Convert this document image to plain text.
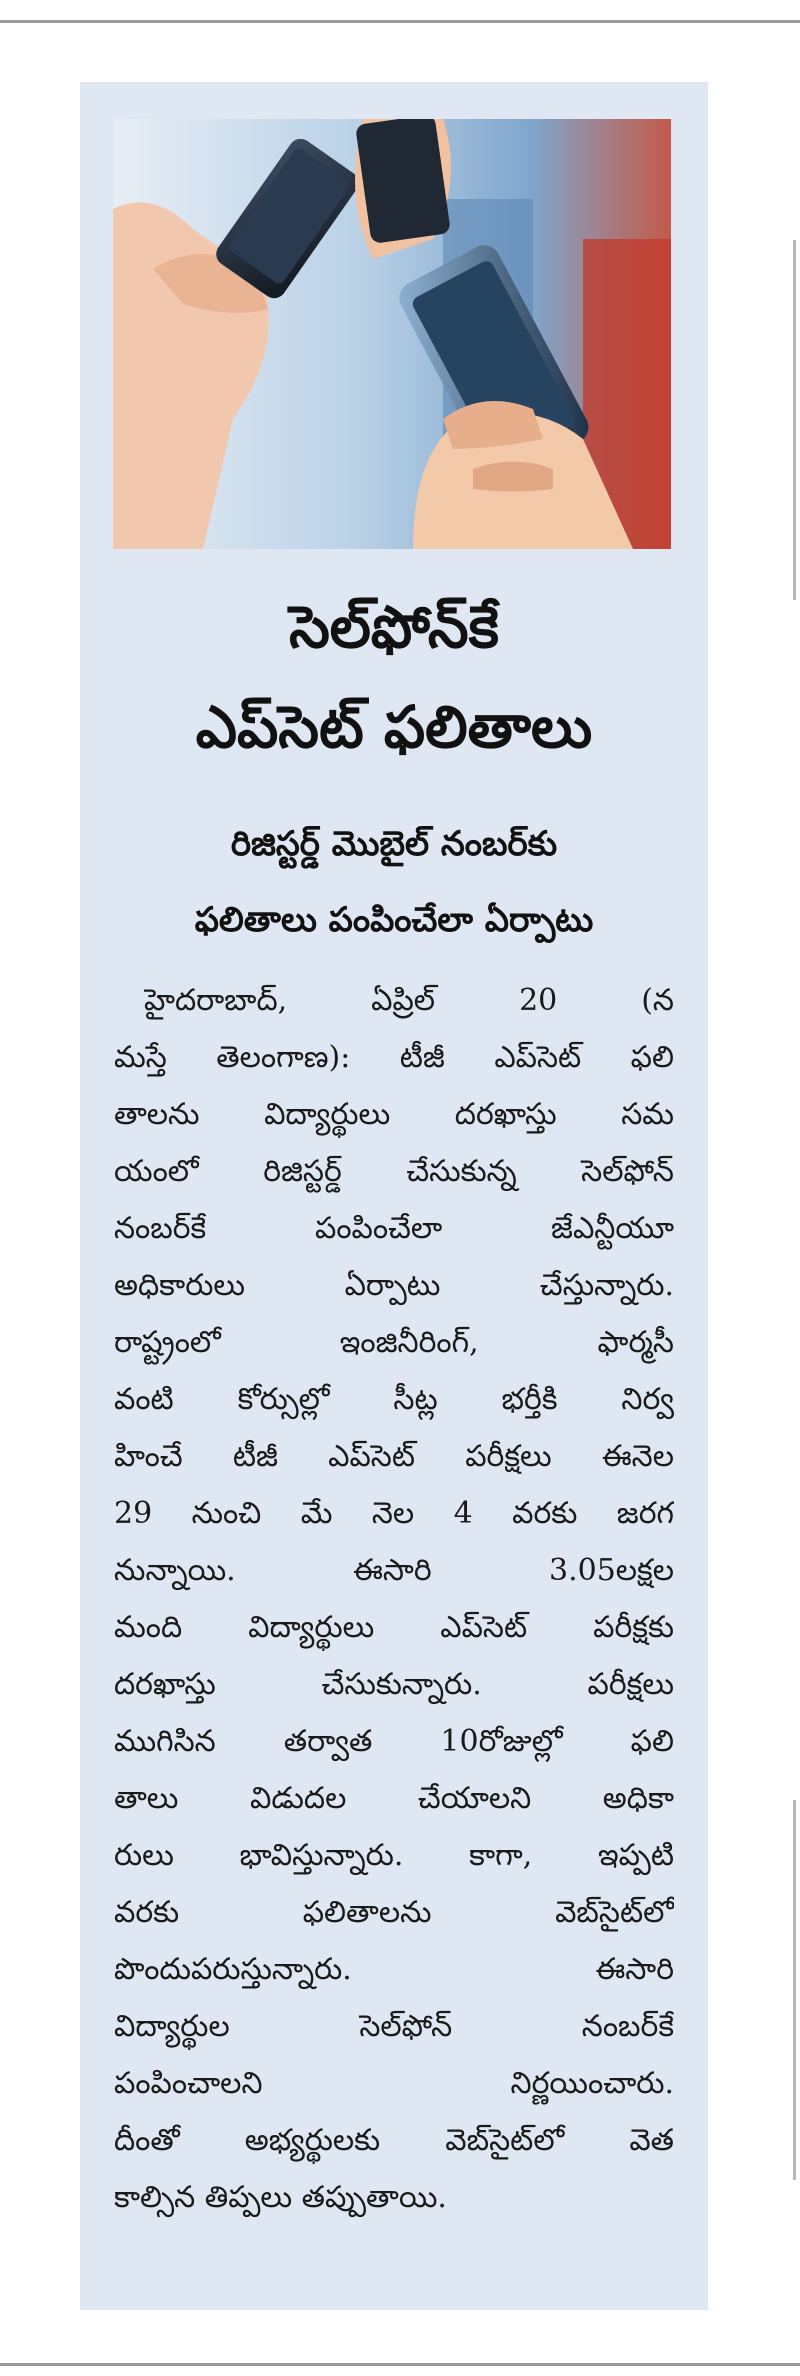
సెల్‌ఫోన్‌కే
ఎప్‌సెట్‌ ఫలితాలు
రిజిస్టర్డ్‌ మొబైల్‌ నంబర్‌కు
ఫలితాలు పంపించేలా ఏర్పాటు
హైదరాబాద్‌, ఏప్రిల్‌ 20 (న
మస్తే తెలంగాణ): టీజీ ఎప్‌సెట్‌ ఫలి
తాలను విద్యార్థులు దరఖాస్తు సమ
యంలో రిజిస్టర్డ్‌ చేసుకున్న సెల్‌ఫోన్‌
నంబర్‌కే పంపించేలా జేఎన్టీయూ
అధికారులు ఏర్పాటు చేస్తున్నారు.
రాష్ట్రంలో ఇంజినీరింగ్‌, ఫార్మసీ
వంటి కోర్సుల్లో సీట్ల భర్తీకి నిర్వ
హించే టీజీ ఎప్‌సెట్‌ పరీక్షలు ఈనెల
29 నుంచి మే నెల 4 వరకు జరగ
నున్నాయి. ఈసారి 3.05లక్షల
మంది విద్యార్థులు ఎప్‌సెట్‌ పరీక్షకు
దరఖాస్తు చేసుకున్నారు. పరీక్షలు
ముగిసిన తర్వాత 10రోజుల్లో ఫలి
తాలు విడుదల చేయాలని అధికా
రులు భావిస్తున్నారు. కాగా, ఇప్పటి
వరకు ఫలితాలను వెబ్‌సైట్‌లో
పొందుపరుస్తున్నారు. ఈసారి
విద్యార్థుల సెల్‌ఫోన్‌ నంబర్‌కే
పంపించాలని నిర్ణయించారు.
దీంతో అభ్యర్థులకు వెబ్‌సైట్‌లో వెత
కాల్సిన తిప్పలు తప్పుతాయి.
